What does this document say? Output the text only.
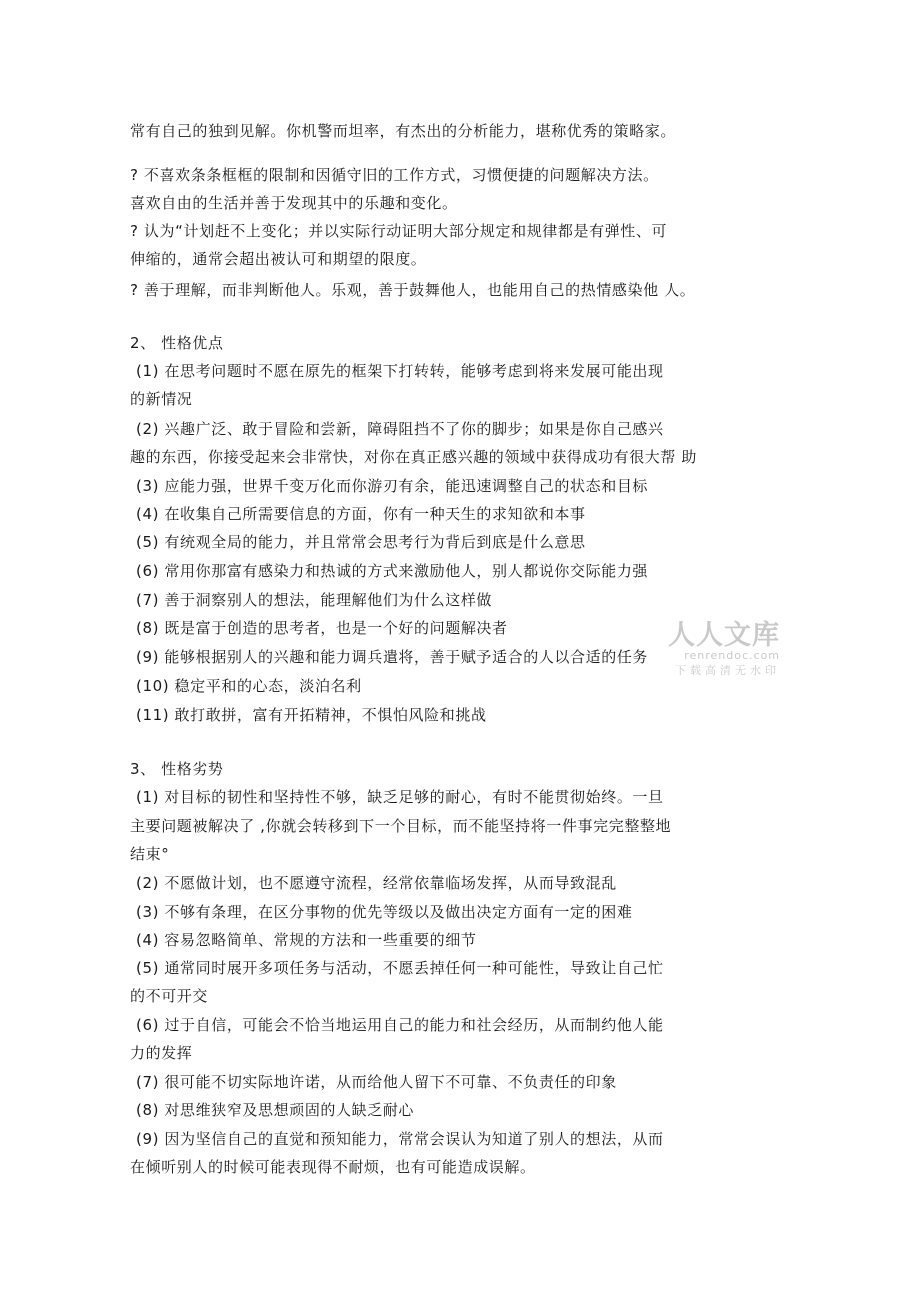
常有自己的独到见解。你机警而坦率，有杰出的分析能力，堪称优秀的策略家。
? 不喜欢条条框框的限制和因循守旧的工作方式，习惯便捷的问题解决方法。
喜欢自由的生活并善于发现其中的乐趣和变化。
? 认为“计划赶不上变化；并以实际行动证明大部分规定和规律都是有弹性、可
伸缩的，通常会超出被认可和期望的限度。
? 善于理解，而非判断他人。乐观，善于鼓舞他人，也能用自己的热情感染他 人。
2、 性格优点
(1) 在思考问题时不愿在原先的框架下打转转，能够考虑到将来发展可能出现
的新情况
(2) 兴趣广泛、敢于冒险和尝新，障碍阻挡不了你的脚步；如果是你自己感兴
趣的东西，你接受起来会非常快，对你在真正感兴趣的领域中获得成功有很大帮 助
(3) 应能力强，世界千变万化而你游刃有余，能迅速调整自己的状态和目标
(4) 在收集自己所需要信息的方面，你有一种天生的求知欲和本事
(5) 有统观全局的能力，并且常常会思考行为背后到底是什么意思
(6) 常用你那富有感染力和热诚的方式来激励他人，别人都说你交际能力强
(7) 善于洞察别人的想法，能理解他们为什么这样做
(8) 既是富于创造的思考者，也是一个好的问题解决者
(9) 能够根据别人的兴趣和能力调兵遣将，善于赋予适合的人以合适的任务
(10) 稳定平和的心态，淡泊名利
(11) 敢打敢拼，富有开拓精神，不惧怕风险和挑战
3、 性格劣势
(1) 对目标的韧性和坚持性不够，缺乏足够的耐心，有时不能贯彻始终。一旦
主要问题被解决了 ,你就会转移到下一个目标，而不能坚持将一件事完完整整地
结束°
(2) 不愿做计划，也不愿遵守流程，经常依靠临场发挥，从而导致混乱
(3) 不够有条理，在区分事物的优先等级以及做出决定方面有一定的困难
(4) 容易忽略简单、常规的方法和一些重要的细节
(5) 通常同时展开多项任务与活动，不愿丢掉任何一种可能性，导致让自己忙
的不可开交
(6) 过于自信，可能会不恰当地运用自己的能力和社会经历，从而制约他人能
力的发挥
(7) 很可能不切实际地许诺，从而给他人留下不可靠、不负责任的印象
(8) 对思维狭窄及思想顽固的人缺乏耐心
(9) 因为坚信自己的直觉和预知能力，常常会误认为知道了别人的想法，从而
在倾听别人的时候可能表现得不耐烦，也有可能造成误解。
人人文库
renrendoc.com
下载高清无水印
